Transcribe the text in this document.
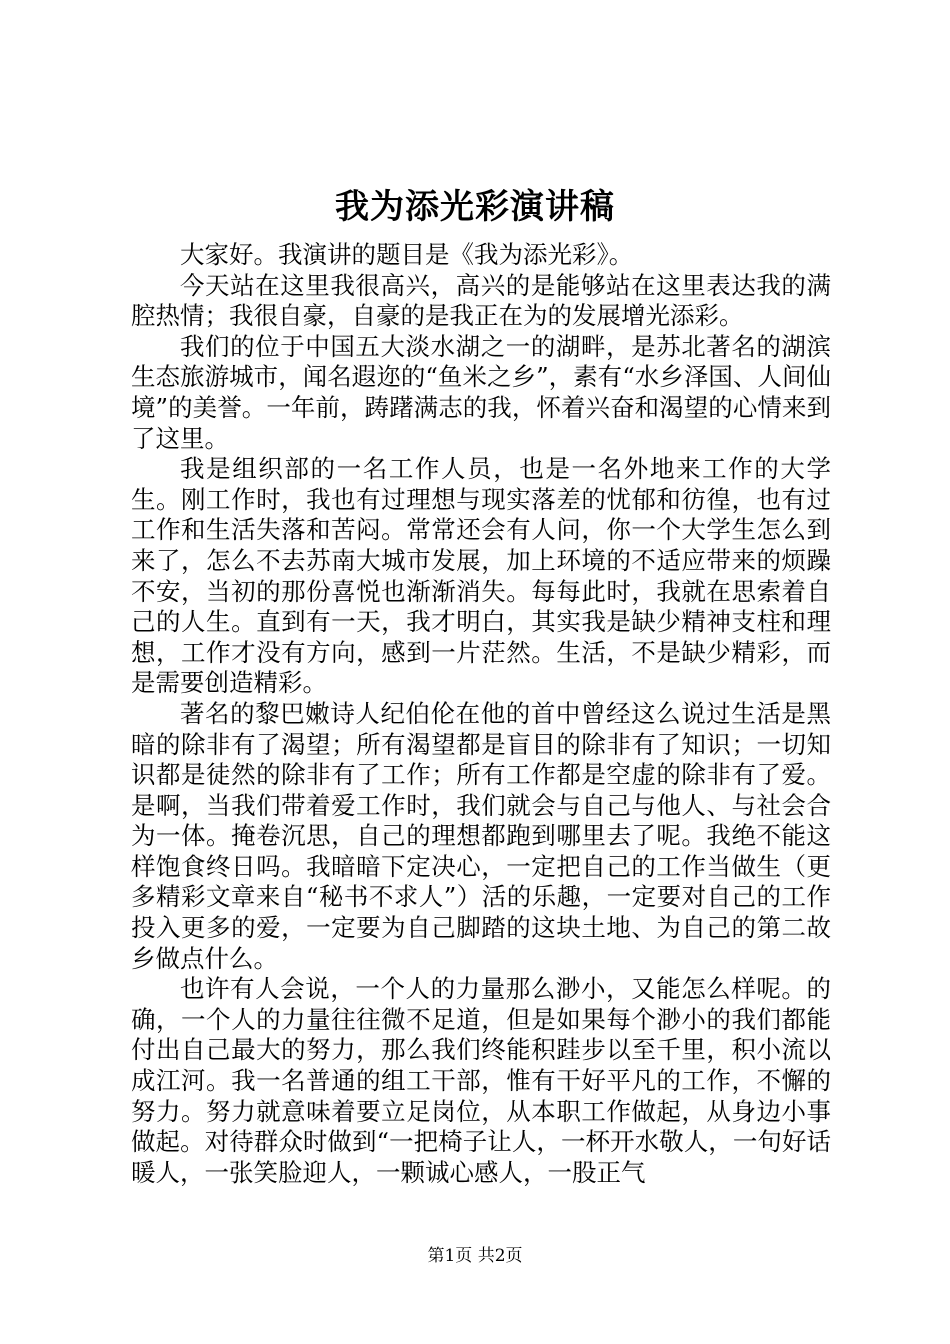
我为添光彩演讲稿

大家好。我演讲的题目是《我为添光彩》。

今天站在这里我很高兴，高兴的是能够站在这里表达我的满腔热情；我很自豪，自豪的是我正在为的发展增光添彩。

我们的位于中国五大淡水湖之一的湖畔，是苏北著名的湖滨生态旅游城市，闻名遐迩的“鱼米之乡”，素有“水乡泽国、人间仙境”的美誉。一年前，踌躇满志的我，怀着兴奋和渴望的心情来到了这里。

我是组织部的一名工作人员，也是一名外地来工作的大学生。刚工作时，我也有过理想与现实落差的忧郁和彷徨，也有过工作和生活失落和苦闷。常常还会有人问，你一个大学生怎么到来了，怎么不去苏南大城市发展，加上环境的不适应带来的烦躁不安，当初的那份喜悦也渐渐消失。每每此时，我就在思索着自己的人生。直到有一天，我才明白，其实我是缺少精神支柱和理想，工作才没有方向，感到一片茫然。生活，不是缺少精彩，而是需要创造精彩。

著名的黎巴嫩诗人纪伯伦在他的首中曾经这么说过生活是黑暗的除非有了渴望；所有渴望都是盲目的除非有了知识；一切知识都是徒然的除非有了工作；所有工作都是空虚的除非有了爱。是啊，当我们带着爱工作时，我们就会与自己与他人、与社会合为一体。掩卷沉思，自己的理想都跑到哪里去了呢。我绝不能这样饱食终日吗。我暗暗下定决心，一定把自己的工作当做生（更多精彩文章来自“秘书不求人”）活的乐趣，一定要对自己的工作投入更多的爱，一定要为自己脚踏的这块土地、为自己的第二故乡做点什么。

也许有人会说，一个人的力量那么渺小，又能怎么样呢。的确，一个人的力量往往微不足道，但是如果每个渺小的我们都能付出自己最大的努力，那么我们终能积跬步以至千里，积小流以成江河。我一名普通的组工干部，惟有干好平凡的工作，不懈的努力。努力就意味着要立足岗位，从本职工作做起，从身边小事做起。对待群众时做到“一把椅子让人，一杯开水敬人，一句好话暖人，一张笑脸迎人，一颗诚心感人，一股正气

第1页 共2页
